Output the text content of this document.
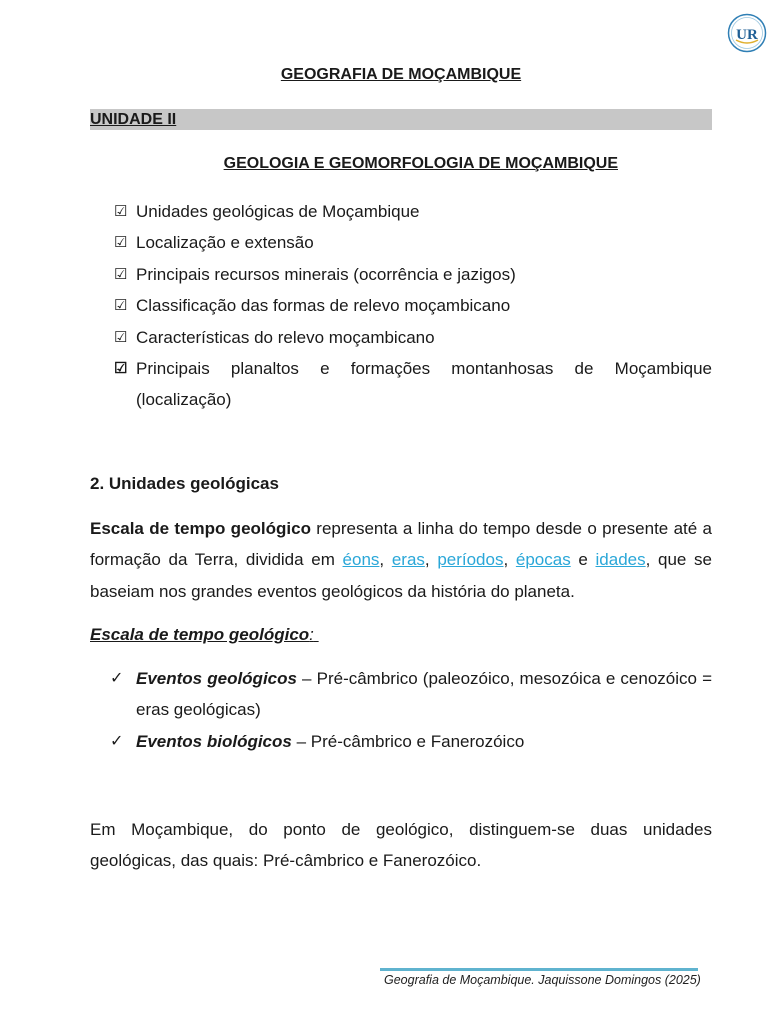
UR
GEOGRAFIA DE MOÇAMBIQUE
UNIDADE II
GEOLOGIA E GEOMORFOLOGIA DE MOÇAMBIQUE
☑ Unidades geológicas de Moçambique
☑ Localização e extensão
☑ Principais recursos minerais (ocorrência e jazigos)
☑ Classificação das formas de relevo moçambicano
☑ Características do relevo moçambicano
☑ Principais planaltos e formações montanhosas de Moçambique (localização)
2. Unidades geológicas

Escala de tempo geológico representa a linha do tempo desde o presente até a formação da Terra, dividida em éons, eras, períodos, épocas e idades, que se baseiam nos grandes eventos geológicos da história do planeta.

Escala de tempo geológico:
✓ Eventos geológicos – Pré-câmbrico (paleozóico, mesozóica e cenozóico = eras geológicas)
✓ Eventos biológicos – Pré-câmbrico e Fanerozóico

Em Moçambique, do ponto de geológico, distinguem-se duas unidades geológicas, das quais: Pré-câmbrico e Fanerozóico.

Geografia de Moçambique. Jaquissone Domingos (2025)
